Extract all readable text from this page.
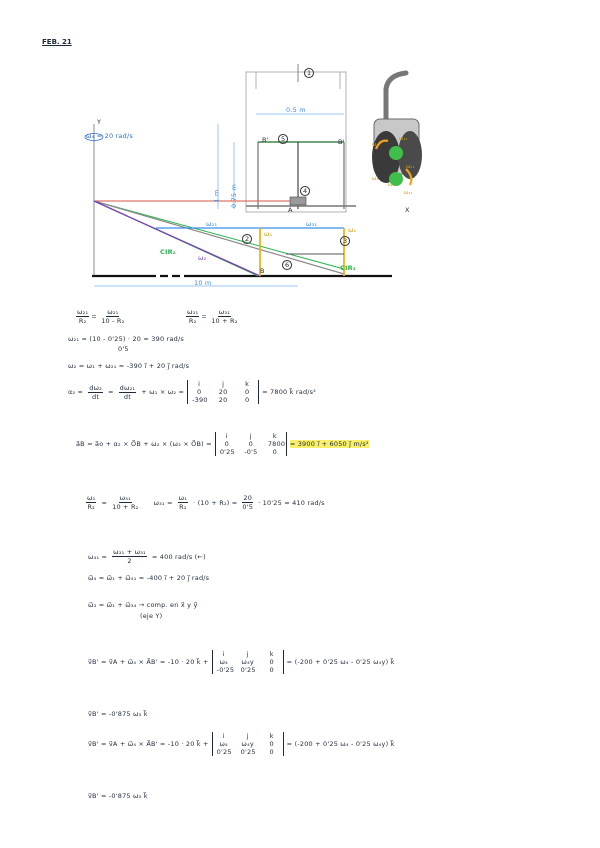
FEB. 21
Y
X
ω₄ = 20 rad/s
0.5 m
1 m 0.75 m
10 m
A
B
B'	B'
CIR₂
CIR₃
ω₂₁	ω₃₁
ω₁	ω₁
ω₂
1
2	3
4
5
6
ω₁
ω₃₁
ω₂₁
ω₄
ω₁
ω₃₁
$\frac{\text{ω₂₁}}{\text{R₂}} = \frac{\text{ω₂₁}}{\text{10 - R₂}}$	$\frac{\text{ω₃₁}}{\text{R₂}} = \frac{\text{ω₃₁}}{\text{10 + R₂}}$
ω₂₁ = (10 - 0'25) · 20 = 390 rad/s
0'5
ω₂ = ω₁ + ω₂₁ = -390 i⃗ + 20 j⃗ rad/s
$\alpha_2 = \frac{\text{dω₂}}{dt} = \frac{\text{dω₂₁}}{dt} + \omega_1 \times \omega_2$ =
i	j	k
0	20	0
-390	20	0
= 7800 k⃗ rad/s²
a⃗B = a⃗o + α₂ × O⃗B + ω₂ × (ω₂ × O⃗B) =
i	j	k
0	0	7800
0'25 -0'5	0
= 3900 i⃗ + 6050 j⃗ m/s²
$\frac{\text{ω₁}}{\text{R₂}} = \frac{\text{ω₃₁}}{\text{10 + R₂}} \omega_{31} = \frac{\text{ω₁}}{\text{R₂}} \cdot (10 + R_2) = \frac{20}{0'5} \cdot 10'25 = 410$ rad/s
$\omega_{41} = \frac{\text{ω₂₁ + ω₃₁}}{2} = 400$ rad/s (←)
ω⃗₄ = ω⃗₁ + ω⃗₄₁ = -400 i⃗ + 20 j⃗ rad/s
ω⃗₃ = ω⃗₁ + ω⃗₃₄ → comp. en x⃗ y y⃗
(eje Y)
v⃗B' = v⃗A + ω⃗₄ × A⃗B' = -10 · 20 k⃗ +
i	j	k
ω₄	ω₄y	0
-0'25 0'25	0
= (-200 + 0'25 ω₄ - 0'25 ω₄y) k⃗
v⃗B' = -0'875 ω₃ k⃗
v⃗B' = v⃗A + ω⃗₄ × A⃗B' = -10 · 20 k⃗ +
i	j	k
ω₄	ω₄y	0
0'25 0'25	0
= (-200 + 0'25 ω₄ - 0'25 ω₄y) k⃗
v⃗B' = -0'875 ω₃ k⃗
